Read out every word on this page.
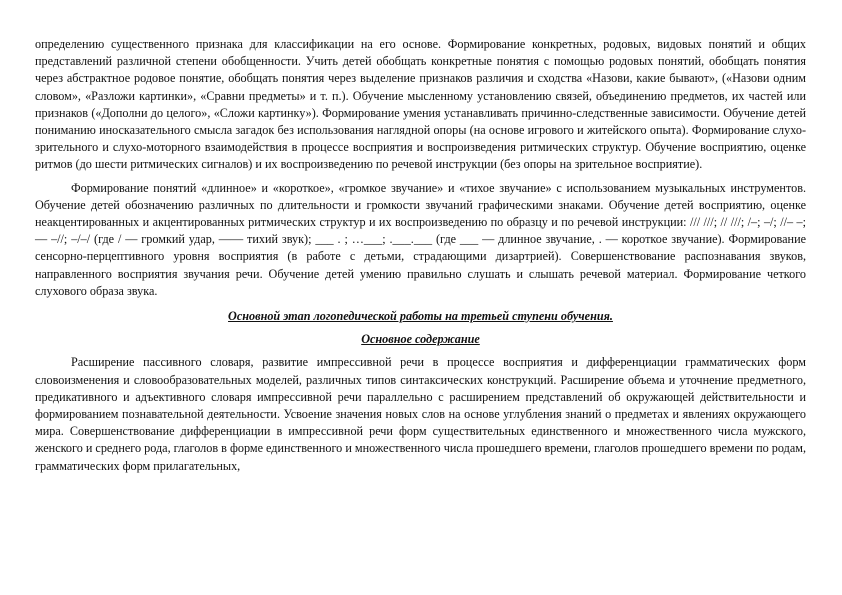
определению существенного признака для классификации на его основе. Формирование конкретных, родовых, видовых понятий и общих представлений различной степени обобщенности. Учить детей обобщать конкретные понятия с помощью родовых понятий, обобщать понятия через абстрактное родовое понятие, обобщать понятия через выделение признаков различия и сходства «Назови, какие бывают», («Назови одним словом», «Разложи картинки», «Сравни предметы» и т. п.). Обучение мысленному установлению связей, объединению предметов, их частей или признаков («Дополни до целого», «Сложи картинку»). Формирование умения устанавливать причинно-следственные зависимости. Обучение детей пониманию иносказательного смысла загадок без использования наглядной опоры (на основе игрового и житейского опыта). Формирование слухо-зрительного и слухо-моторного взаимодействия в процессе восприятия и воспроизведения ритмических структур. Обучение восприятию, оценке ритмов (до шести ритмических сигналов) и их воспроизведению по речевой инструкции (без опоры на зрительное восприятие).

Формирование понятий «длинное» и «короткое», «громкое звучание» и «тихое звучание» с использованием музыкальных инструментов. Обучение детей обозначению различных по длительности и громкости звучаний графическими знаками. Обучение детей восприятию, оценке неакцентированных и акцентированных ритмических структур и их воспроизведению по образцу и по речевой инструкции: /// ///; // ///; /–; –/; //– –; — –//; –/–/ (где / — громкий удар, —— тихий звук); ___ . ; …___; .___.___ (где ___ — длинное звучание, . — короткое звучание). Формирование сенсорно-перцептивного уровня восприятия (в работе с детьми, страдающими дизартрией). Совершенствование распознавания звуков, направленного восприятия звучания речи. Обучение детей умению правильно слушать и слышать речевой материал. Формирование четкого слухового образа звука.

Основной этап логопедической работы на третьей ступени обучения.

Основное содержание

Расширение пассивного словаря, развитие импрессивной речи в процессе восприятия и дифференциации грамматических форм словоизменения и словообразовательных моделей, различных типов синтаксических конструкций. Расширение объема и уточнение предметного, предикативного и адъективного словаря импрессивной речи параллельно с расширением представлений об окружающей действительности и формированием познавательной деятельности. Усвоение значения новых слов на основе углубления знаний о предметах и явлениях окружающего мира. Совершенствование дифференциации в импрессивной речи форм существительных единственного и множественного числа мужского, женского и среднего рода, глаголов в форме единственного и множественного числа прошедшего времени, глаголов прошедшего времени по родам, грамматических форм прилагательных,
